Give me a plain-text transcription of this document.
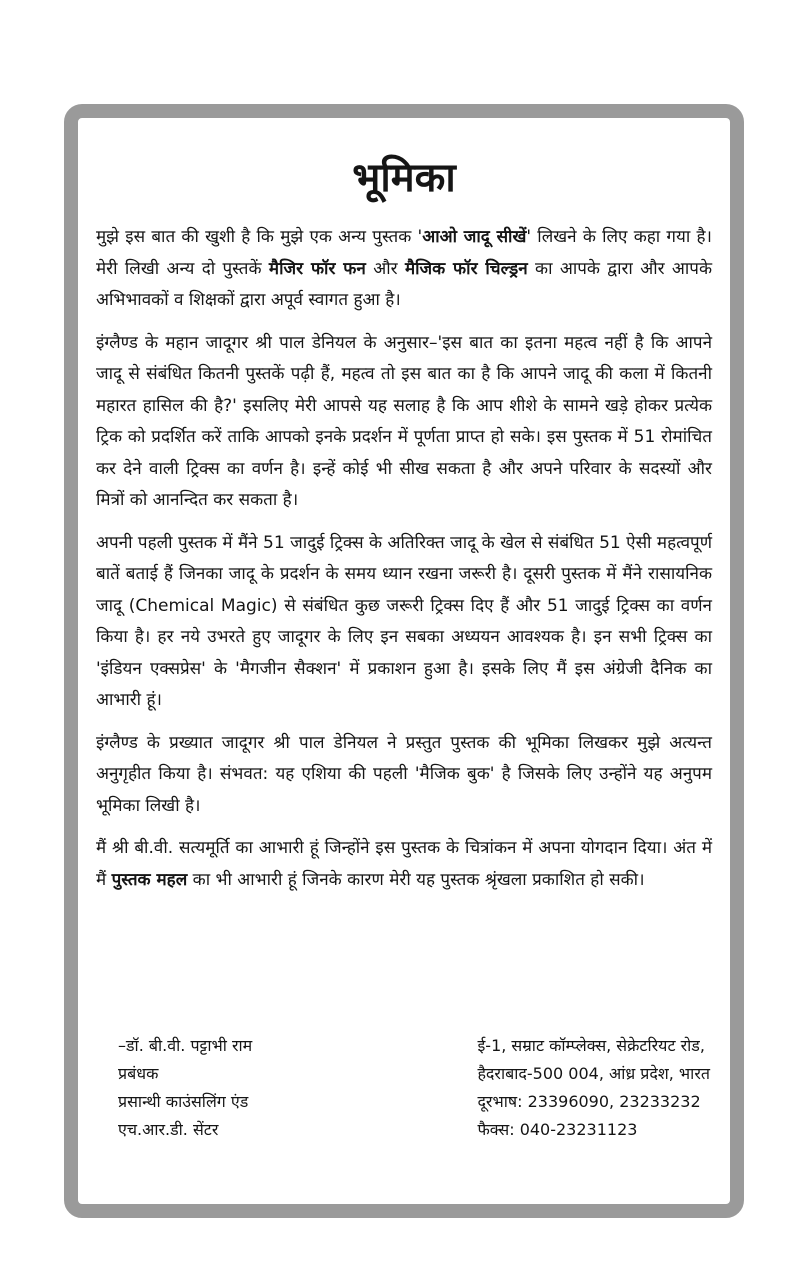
भूमिका

मुझे इस बात की खुशी है कि मुझे एक अन्य पुस्तक 'आओ जादू सीखें' लिखने के लिए कहा गया है। मेरी लिखी अन्य दो पुस्तकें मैजिर फॉर फन और मैजिक फॉर चिल्ड्रन का आपके द्वारा और आपके अभिभावकों व शिक्षकों द्वारा अपूर्व स्वागत हुआ है।

इंग्लैण्ड के महान जादूगर श्री पाल डेनियल के अनुसार–'इस बात का इतना महत्व नहीं है कि आपने जादू से संबंधित कितनी पुस्तकें पढ़ी हैं, महत्व तो इस बात का है कि आपने जादू की कला में कितनी महारत हासिल की है?' इसलिए मेरी आपसे यह सलाह है कि आप शीशे के सामने खड़े होकर प्रत्येक ट्रिक को प्रदर्शित करें ताकि आपको इनके प्रदर्शन में पूर्णता प्राप्त हो सके। इस पुस्तक में 51 रोमांचित कर देने वाली ट्रिक्स का वर्णन है। इन्हें कोई भी सीख सकता है और अपने परिवार के सदस्यों और मित्रों को आनन्दित कर सकता है।

अपनी पहली पुस्तक में मैंने 51 जादुई ट्रिक्स के अतिरिक्त जादू के खेल से संबंधित 51 ऐसी महत्वपूर्ण बातें बताई हैं जिनका जादू के प्रदर्शन के समय ध्यान रखना जरूरी है। दूसरी पुस्तक में मैंने रासायनिक जादू (Chemical Magic) से संबंधित कुछ जरूरी ट्रिक्स दिए हैं और 51 जादुई ट्रिक्स का वर्णन किया है। हर नये उभरते हुए जादूगर के लिए इन सबका अध्ययन आवश्यक है। इन सभी ट्रिक्स का 'इंडियन एक्सप्रेस' के 'मैगजीन सैक्शन' में प्रकाशन हुआ है। इसके लिए मैं इस अंग्रेजी दैनिक का आभारी हूं।

इंग्लैण्ड के प्रख्यात जादूगर श्री पाल डेनियल ने प्रस्तुत पुस्तक की भूमिका लिखकर मुझे अत्यन्त अनुगृहीत किया है। संभवत: यह एशिया की पहली 'मैजिक बुक' है जिसके लिए उन्होंने यह अनुपम भूमिका लिखी है।

मैं श्री बी.वी. सत्यमूर्ति का आभारी हूं जिन्होंने इस पुस्तक के चित्रांकन में अपना योगदान दिया। अंत में मैं पुस्तक महल का भी आभारी हूं जिनके कारण मेरी यह पुस्तक श्रृंखला प्रकाशित हो सकी।

–डॉ. बी.वी. पट्टाभी राम
प्रबंधक
प्रसान्थी काउंसलिंग एंड
एच.आर.डी. सेंटर
ई-1, सम्राट कॉम्प्लेक्स, सेक्रेटरियट रोड,
हैदराबाद-500 004, आंध्र प्रदेश, भारत
दूरभाष: 23396090, 23233232
फैक्स: 040-23231123
